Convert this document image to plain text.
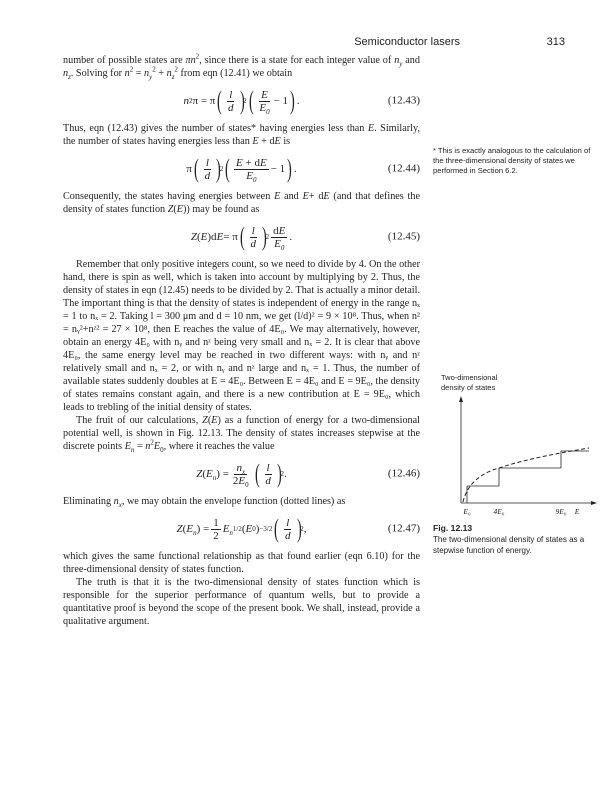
Semiconductor lasers	313

number of possible states are $\pi n^2$, since there is a state for each integer value of $n_y$ and $n_z$. Solving for $n^2 = n_y^2 + n_z^2$ from eqn (12.41) we obtain

n 2 π = π ( $\frac{l}{d}$ )
2 ( $\frac{E}{E_0} - 1$ ) .	(12.43)

Thus, eqn (12.43) gives the number of states* having energies less than E. Similarly, the number of states having energies less than E + dE is

π ( $\frac{l}{d}$ )
2 ( $\frac{E + dE}{E_0} - 1$ ) .	(12.44)

Consequently, the states having energies between E and E+ dE (and that defines the density of states function Z(E)) may be found as

Z ( E )d E = π ( $\frac{l}{d}$ )
$2 \frac{dE}{E_0}$ .	(12.45)

Remember that only positive integers count, so we need to divide by 4. On the other hand, there is spin as well, which is taken into account by multiplying by 2. Thus, the density of states in eqn (12.45) needs to be divided by 2. That is actually a minor detail. The important thing is that the density of states is independent of energy in the range nₓ = 1 to nₓ = 2. Taking l = 300 μm and d = 10 nm, we get (l/d)² = 9 × 10⁸. Thus, when n² = nᵧ²+nᶻ² = 27 × 10⁸, then E reaches the value of 4E₀. We may alternatively, however, obtain an energy 4E₀ with nᵧ and nᶻ being very small and nₓ = 2. It is clear that above 4E₀, the same energy level may be reached in two different ways: with nᵧ and nᶻ relatively small and nₓ = 2, or with nᵧ and nᶻ large and nₓ = 1. Thus, the number of available states suddenly doubles at E = 4E₀. Between E = 4E₀ and E = 9E₀, the density of states remains constant again, and there is a new contribution at E = 9E₀, which leads to trebling of the initial density of states.

The fruit of our calculations, Z(E) as a function of energy for a two-dimensional potential well, is shown in Fig. 12.13. The density of states increases stepwise at the discrete points $E_n = n^2E_0$, where it reaches the value

Z ( $E_n$ ) = $\frac{n_x}{2E_0}$ ( $\frac{l}{d}$ )
2 .	(12.46)

Eliminating $n_x$, we may obtain the envelope function (dotted lines) as

Z ( $E_n$ ) = $\frac{1}{2} E_n$ 1/2 ( E 0 ) −3/2 ( $\frac{l}{d}$ )
2 ,	(12.47)

which gives the same functional relationship as that found earlier (eqn 6.10) for the three-dimensional density of states function.

The truth is that it is the two-dimensional density of states function which is responsible for the superior performance of quantum wells, but to provide a quantitative proof is beyond the scope of the present book. We shall, instead, provide a qualitative argument.

* This is exactly analogous to the calculation of the three-dimensional density of states we performed in Section 6.2.
Two-dimensional
density of states
E₀	4E₀	9E₀ E
Fig. 12.13
The two-dimensional density of states as a stepwise function of energy.
